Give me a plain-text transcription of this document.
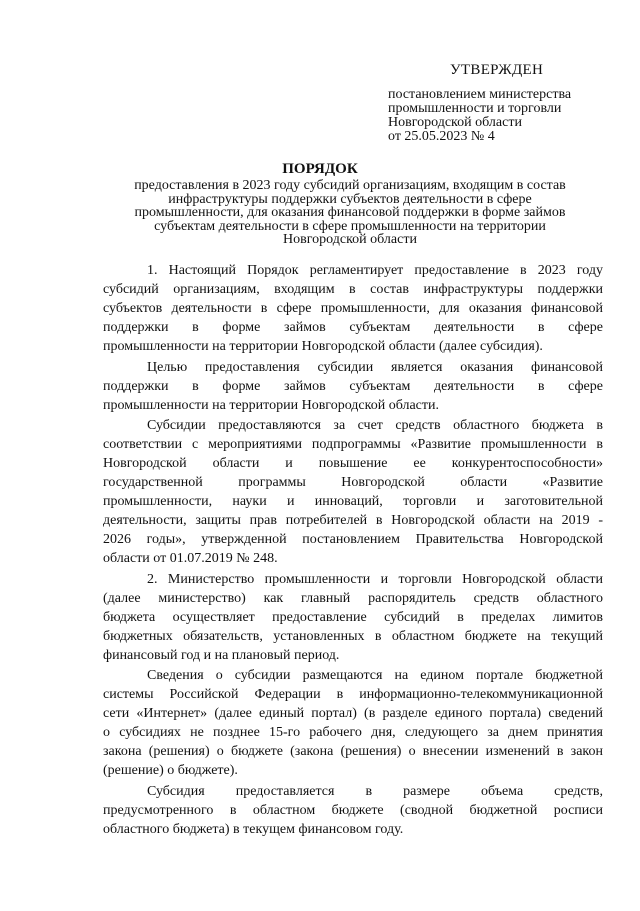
УТВЕРЖДЕН
постановлением министерства
промышленности и торговли
Новгородской области
от 25.05.2023 № 4
ПОРЯДОК
предоставления в 2023 году субсидий организациям, входящим в состав
инфраструктуры поддержки субъектов деятельности в сфере
промышленности, для оказания финансовой поддержки в форме займов
субъектам деятельности в сфере промышленности на территории
Новгородской области
1. Настоящий Порядок регламентирует предоставление в 2023 году
субсидий организациям, входящим в состав инфраструктуры поддержки
субъектов деятельности в сфере промышленности, для оказания финансовой
поддержки в форме займов субъектам деятельности в сфере
промышленности на территории Новгородской области (далее субсидия).
Целью предоставления субсидии является оказания финансовой
поддержки в форме займов субъектам деятельности в сфере
промышленности на территории Новгородской области.
Субсидии предоставляются за счет средств областного бюджета в
соответствии с мероприятиями подпрограммы «Развитие промышленности в
Новгородской области и повышение ее конкурентоспособности»
государственной программы Новгородской области «Развитие
промышленности, науки и инноваций, торговли и заготовительной
деятельности, защиты прав потребителей в Новгородской области на 2019 -
2026 годы», утвержденной постановлением Правительства Новгородской
области от 01.07.2019 № 248.
2. Министерство промышленности и торговли Новгородской области
(далее министерство) как главный распорядитель средств областного
бюджета осуществляет предоставление субсидий в пределах лимитов
бюджетных обязательств, установленных в областном бюджете на текущий
финансовый год и на плановый период.
Сведения о субсидии размещаются на едином портале бюджетной
системы Российской Федерации в информационно-телекоммуникационной
сети «Интернет» (далее единый портал) (в разделе единого портала) сведений
о субсидиях не позднее 15-го рабочего дня, следующего за днем принятия
закона (решения) о бюджете (закона (решения) о внесении изменений в закон
(решение) о бюджете).
Субсидия предоставляется в размере объема средств,
предусмотренного в областном бюджете (сводной бюджетной росписи
областного бюджета) в текущем финансовом году.
